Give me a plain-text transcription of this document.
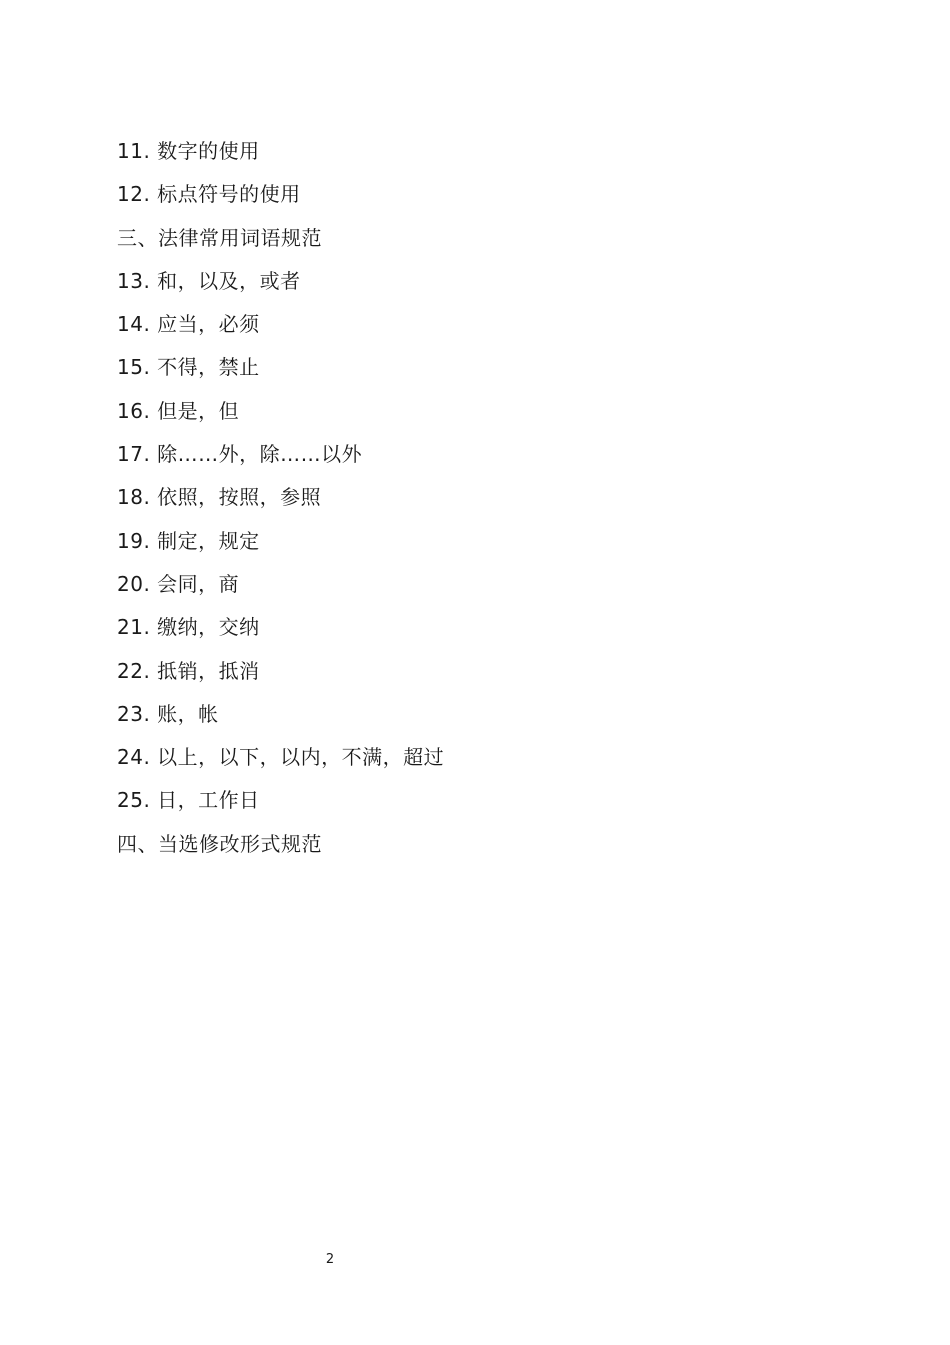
11. 数字的使用
12. 标点符号的使用
三、法律常用词语规范
13. 和，以及，或者
14. 应当，必须
15. 不得，禁止
16. 但是，但
17. 除……外，除……以外
18. 依照，按照，参照
19. 制定，规定
20. 会同，商
21. 缴纳，交纳
22. 抵销，抵消
23. 账，帐
24. 以上，以下，以内，不满，超过
25. 日，工作日
四、当选修改形式规范
2
